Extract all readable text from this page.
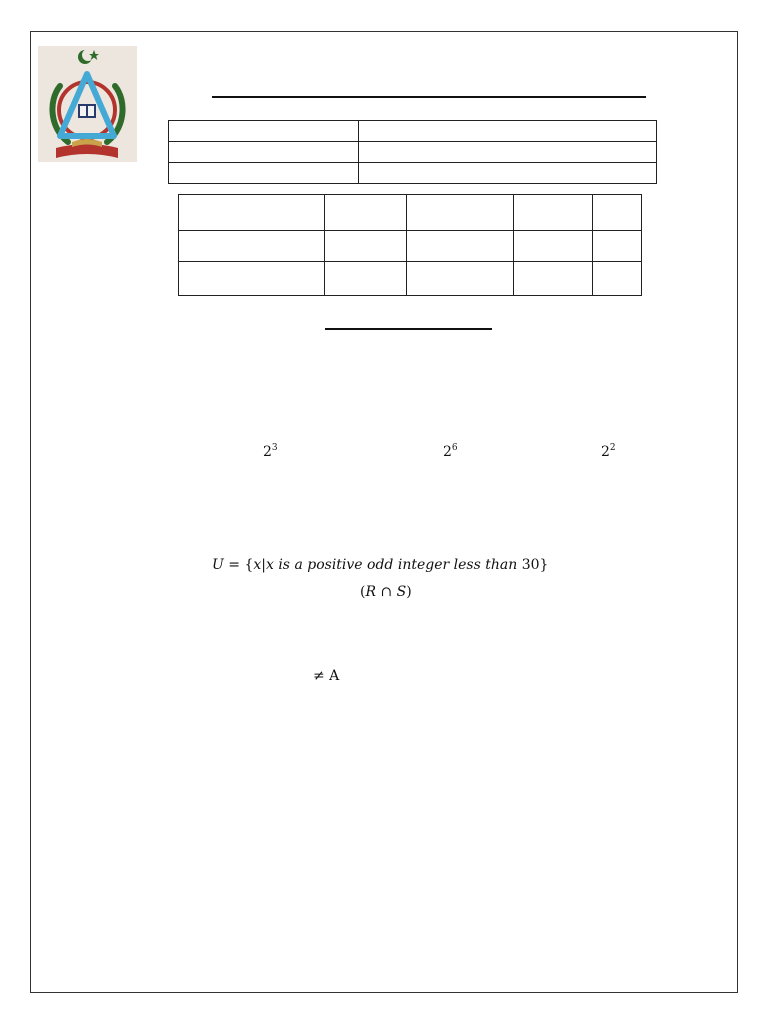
$2^3$	$2^6$	$2^2$
U = {x|x is a positive odd integer less than 30}
(R ∩ S)
≠ A
